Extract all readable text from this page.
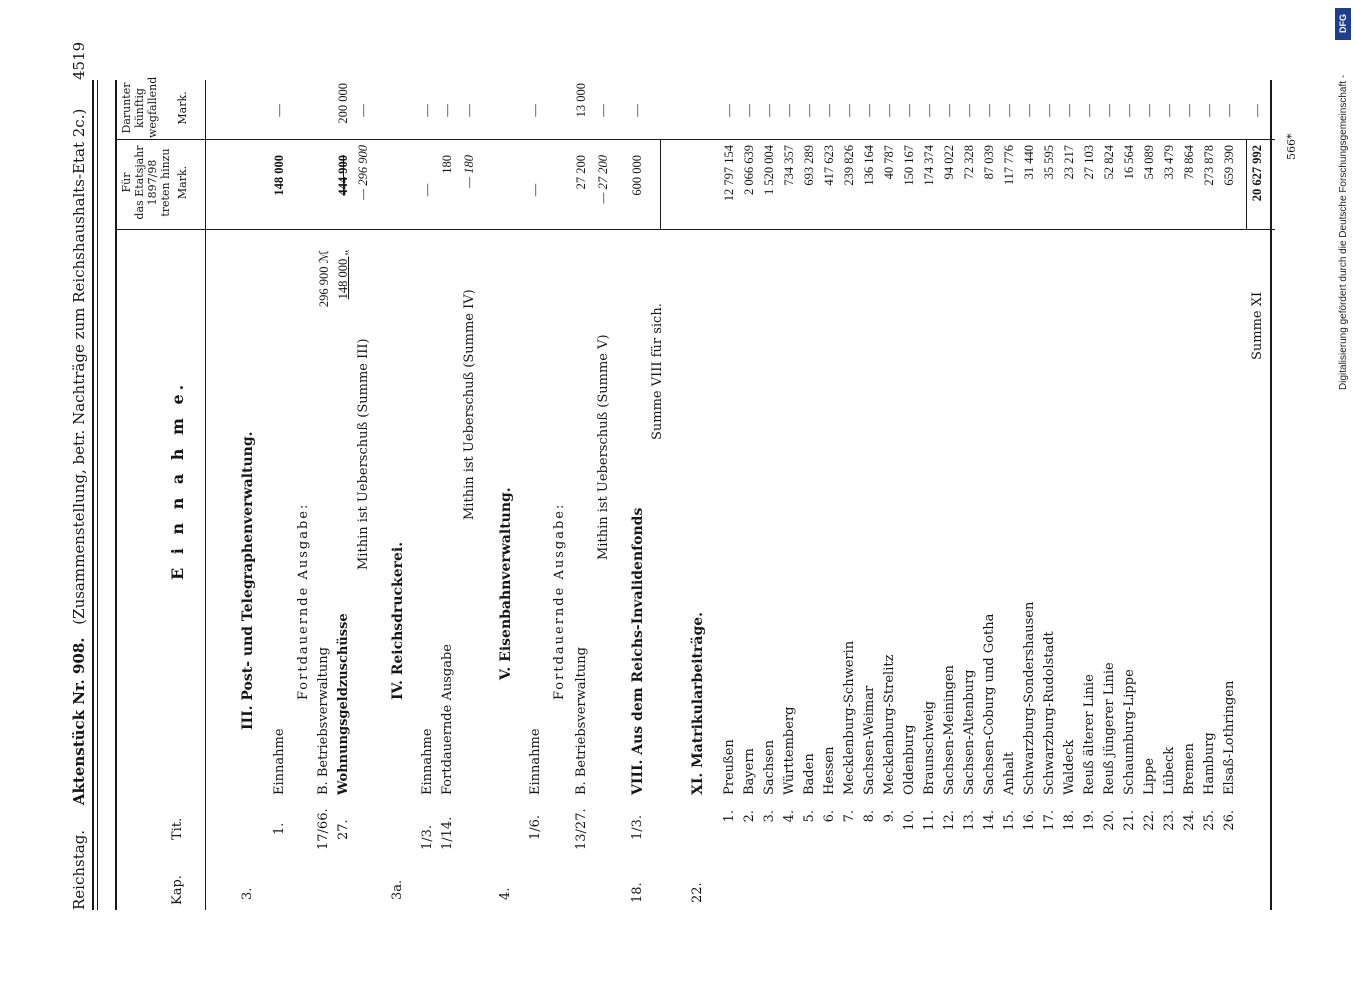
Reichstag. Aktenstück Nr. 908. (Zusammenstellung, betr. Nachträge zum Reichshaushalts-Etat 2c.)
4519
Kap.
Tit.
E i n n a h m e.
Für das Etatsjahr 1897/98 treten hinzu Mark.
Darunter künftig wegfallend Mark.
3.
III. Post- und Telegraphenverwaltung.
1.
Einnahme
148 000
—
Fortdauernde Ausgabe:
17/66.
B. Betriebsverwaltung
296 900 ℳ
27.
Wohnungsgeldzuschüsse
148 000 „
444 900
200 000
Mithin ist Ueberschuß (Summe III)
— 296 900
—
3a.
IV. Reichsdruckerei.
1/3.
Einnahme
—
—
1/14.
Fortdauernde Ausgabe
180
—
Mithin ist Ueberschuß (Summe IV)
— 180
—
4.
V. Eisenbahnverwaltung.
1/6.
Einnahme
—
—
Fortdauernde Ausgabe:
13/27.
B. Betriebsverwaltung
27 200
13 000
Mithin ist Ueberschuß (Summe V)
— 27 200
—
18.
1/3.
VIII. Aus dem Reichs-Invalidenfonds
600 000
—
Summe VIII für sich.
22.
XI. Matrikularbeiträge.
1.
Preußen
12 797 154
—
2.
Bayern
2 066 639
—
3.
Sachsen
1 520 004
—
4.
Württemberg
734 357
—
5.
Baden
693 289
—
6.
Hessen
417 623
—
7.
Mecklenburg-Schwerin
239 826
—
8.
Sachsen-Weimar
136 164
—
9.
Mecklenburg-Strelitz
40 787
—
10.
Oldenburg
150 167
—
11.
Braunschweig
174 374
—
12.
Sachsen-Meiningen
94 022
—
13.
Sachsen-Altenburg
72 328
—
14.
Sachsen-Coburg und Gotha
87 039
—
15.
Anhalt
117 776
—
16.
Schwarzburg-Sondershausen
31 440
—
17.
Schwarzburg-Rudolstadt
35 595
—
18.
Waldeck
23 217
—
19.
Reuß älterer Linie
27 103
—
20.
Reuß jüngerer Linie
52 824
—
21.
Schaumburg-Lippe
16 564
—
22.
Lippe
54 089
—
23.
Lübeck
33 479
—
24.
Bremen
78 864
—
25.
Hamburg
273 878
—
26.
Elsaß-Lothringen
659 390
—
Summe XI
20 627 992
—
566*
DFG
Digitalisierung gefördert durch die Deutsche Forschungsgemeinschaft -
